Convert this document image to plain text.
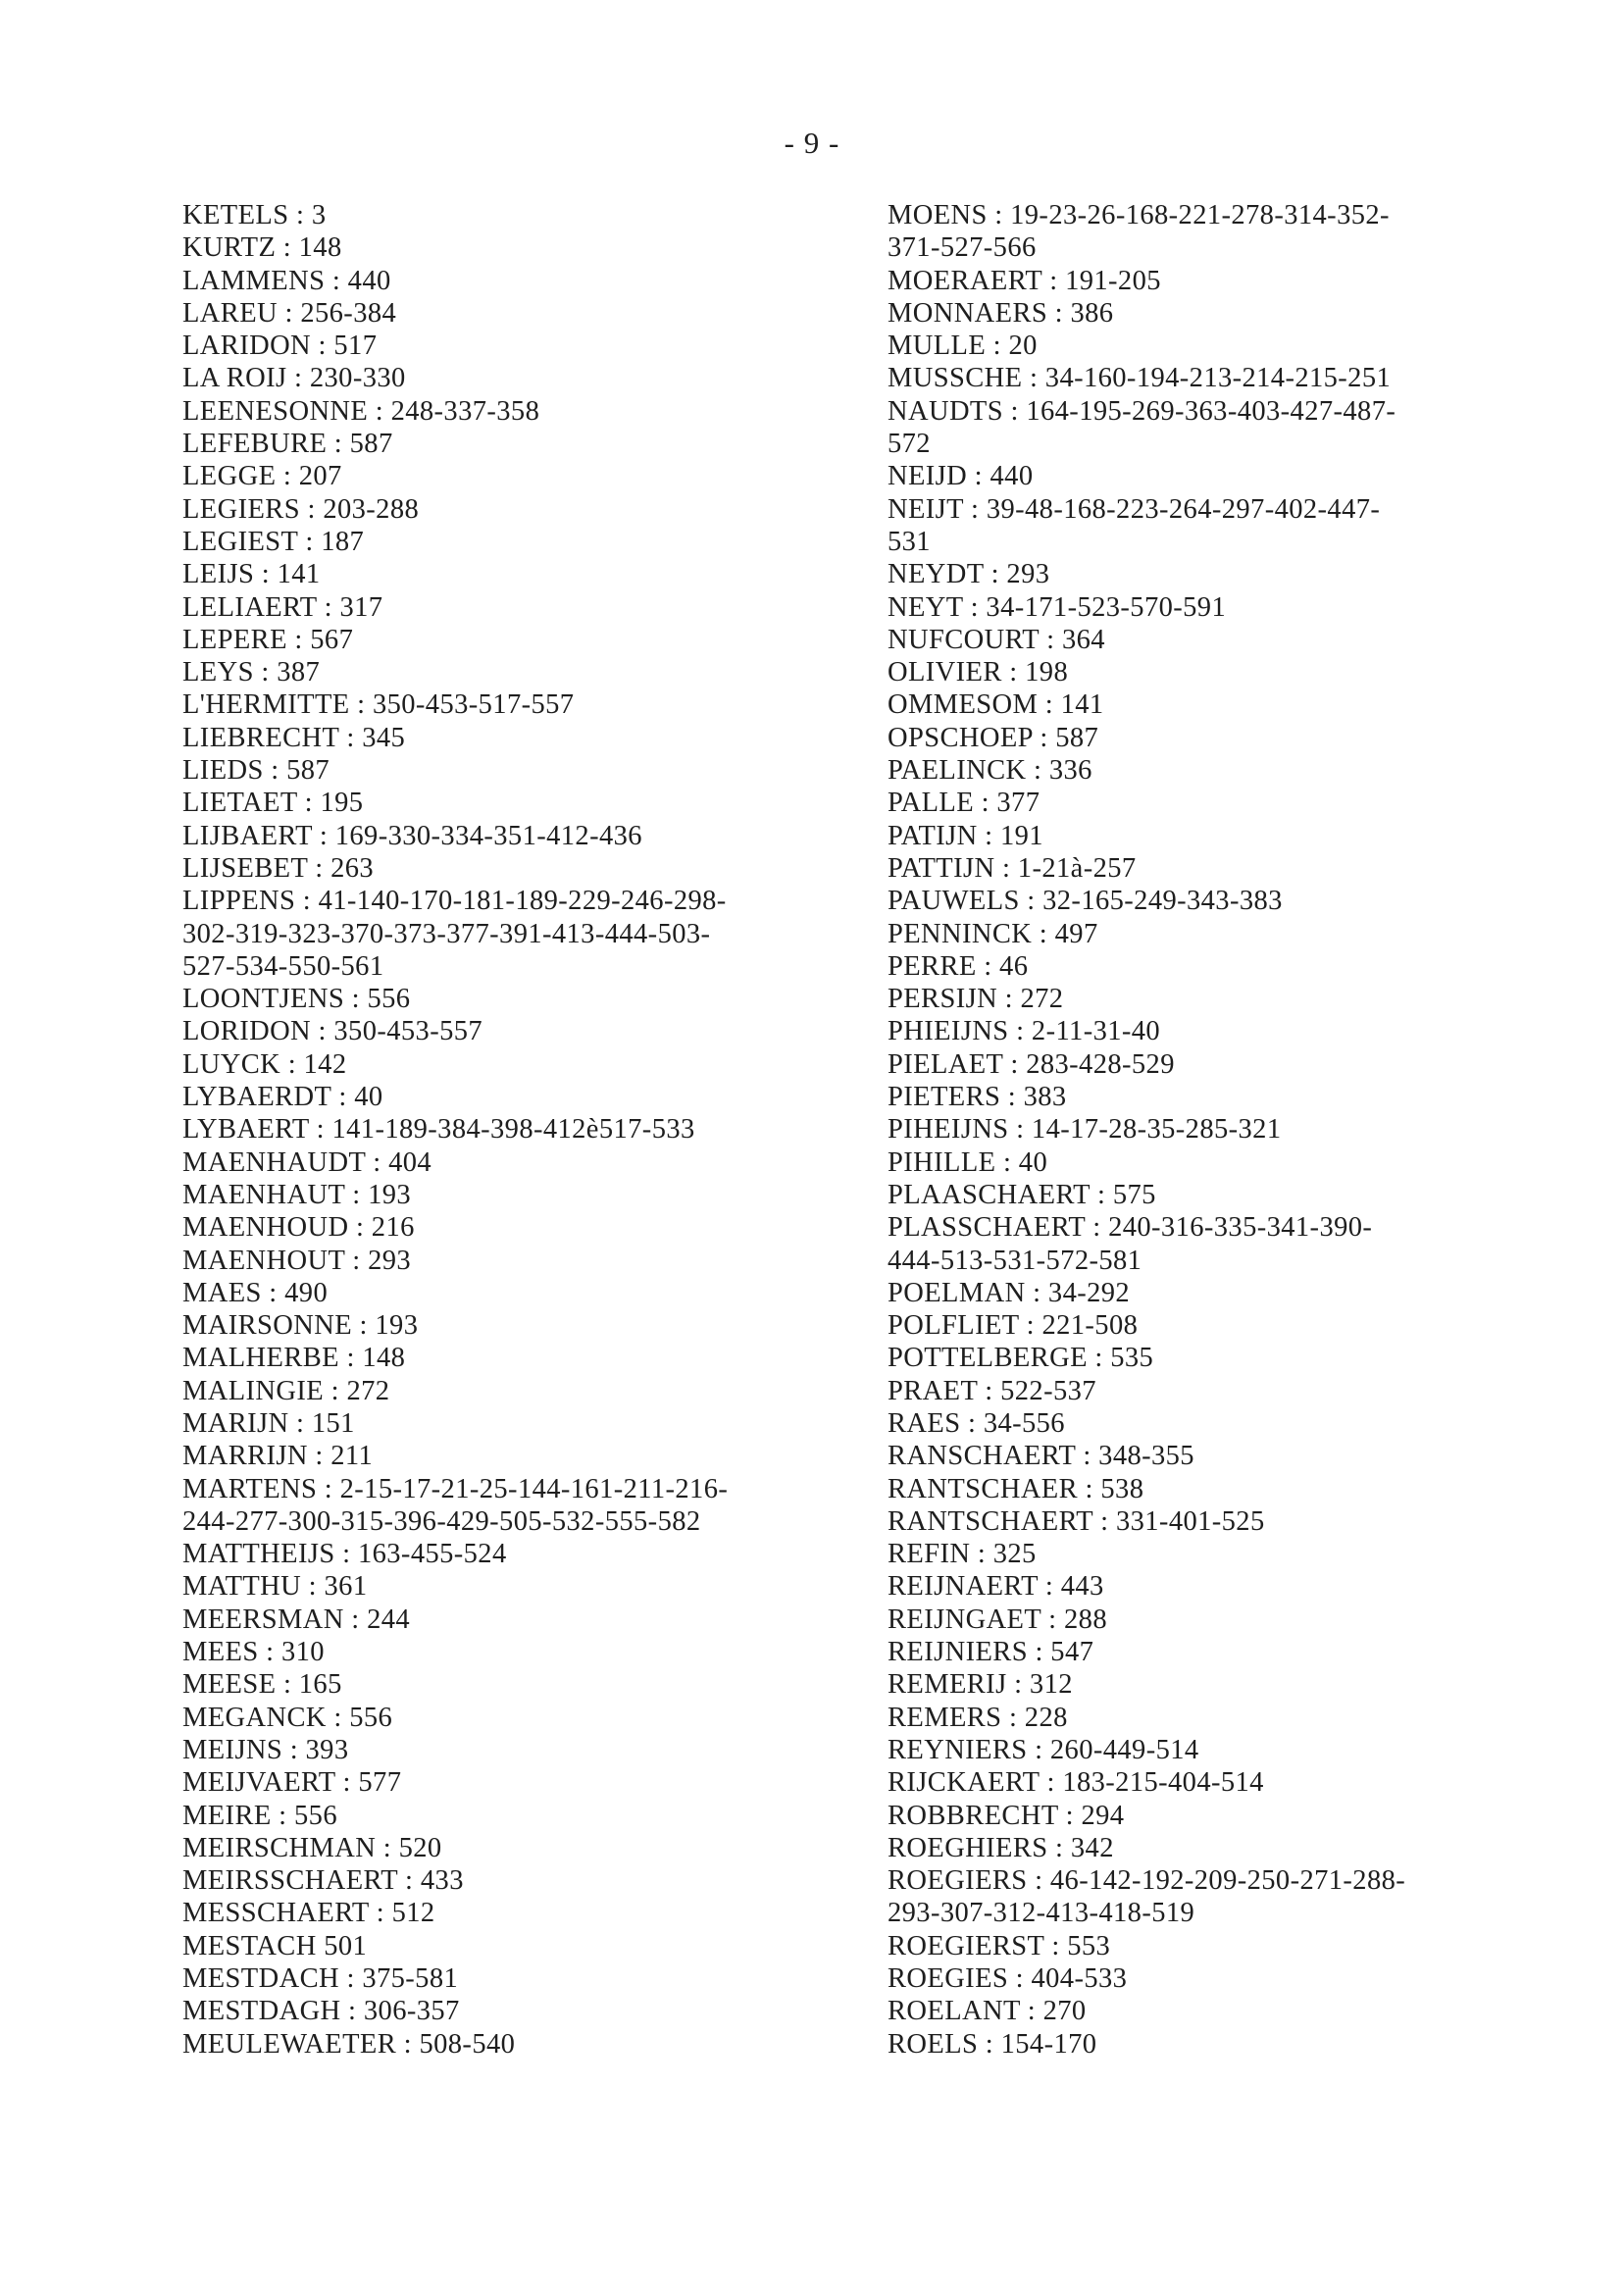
- 9 -
KETELS : 3
KURTZ : 148
LAMMENS : 440
LAREU : 256-384
LARIDON : 517
LA ROIJ : 230-330
LEENESONNE : 248-337-358
LEFEBURE : 587
LEGGE : 207
LEGIERS : 203-288
LEGIEST : 187
LEIJS : 141
LELIAERT : 317
LEPERE : 567
LEYS : 387
L'HERMITTE : 350-453-517-557
LIEBRECHT : 345
LIEDS : 587
LIETAET : 195
LIJBAERT : 169-330-334-351-412-436
LIJSEBET : 263
LIPPENS : 41-140-170-181-189-229-246-298-
302-319-323-370-373-377-391-413-444-503-
527-534-550-561
LOONTJENS : 556
LORIDON : 350-453-557
LUYCK : 142
LYBAERDT : 40
LYBAERT : 141-189-384-398-412è517-533
MAENHAUDT : 404
MAENHAUT : 193
MAENHOUD : 216
MAENHOUT : 293
MAES : 490
MAIRSONNE : 193
MALHERBE : 148
MALINGIE : 272
MARIJN : 151
MARRIJN : 211
MARTENS : 2-15-17-21-25-144-161-211-216-
244-277-300-315-396-429-505-532-555-582
MATTHEIJS : 163-455-524
MATTHU : 361
MEERSMAN : 244
MEES : 310
MEESE : 165
MEGANCK : 556
MEIJNS : 393
MEIJVAERT : 577
MEIRE : 556
MEIRSCHMAN : 520
MEIRSSCHAERT : 433
MESSCHAERT : 512
MESTACH 501
MESTDACH : 375-581
MESTDAGH : 306-357
MEULEWAETER : 508-540
MOENS : 19-23-26-168-221-278-314-352-
371-527-566
MOERAERT : 191-205
MONNAERS : 386
MULLE : 20
MUSSCHE : 34-160-194-213-214-215-251
NAUDTS : 164-195-269-363-403-427-487-
572
NEIJD : 440
NEIJT : 39-48-168-223-264-297-402-447-
531
NEYDT : 293
NEYT : 34-171-523-570-591
NUFCOURT : 364
OLIVIER : 198
OMMESOM : 141
OPSCHOEP : 587
PAELINCK : 336
PALLE : 377
PATIJN : 191
PATTIJN : 1-21à-257
PAUWELS : 32-165-249-343-383
PENNINCK : 497
PERRE : 46
PERSIJN : 272
PHIEIJNS : 2-11-31-40
PIELAET : 283-428-529
PIETERS : 383
PIHEIJNS : 14-17-28-35-285-321
PIHILLE : 40
PLAASCHAERT : 575
PLASSCHAERT : 240-316-335-341-390-
444-513-531-572-581
POELMAN : 34-292
POLFLIET : 221-508
POTTELBERGE : 535
PRAET : 522-537
RAES : 34-556
RANSCHAERT : 348-355
RANTSCHAER : 538
RANTSCHAERT : 331-401-525
REFIN : 325
REIJNAERT : 443
REIJNGAET : 288
REIJNIERS : 547
REMERIJ : 312
REMERS : 228
REYNIERS : 260-449-514
RIJCKAERT : 183-215-404-514
ROBBRECHT : 294
ROEGHIERS : 342
ROEGIERS : 46-142-192-209-250-271-288-
293-307-312-413-418-519
ROEGIERST : 553
ROEGIES : 404-533
ROELANT : 270
ROELS : 154-170
